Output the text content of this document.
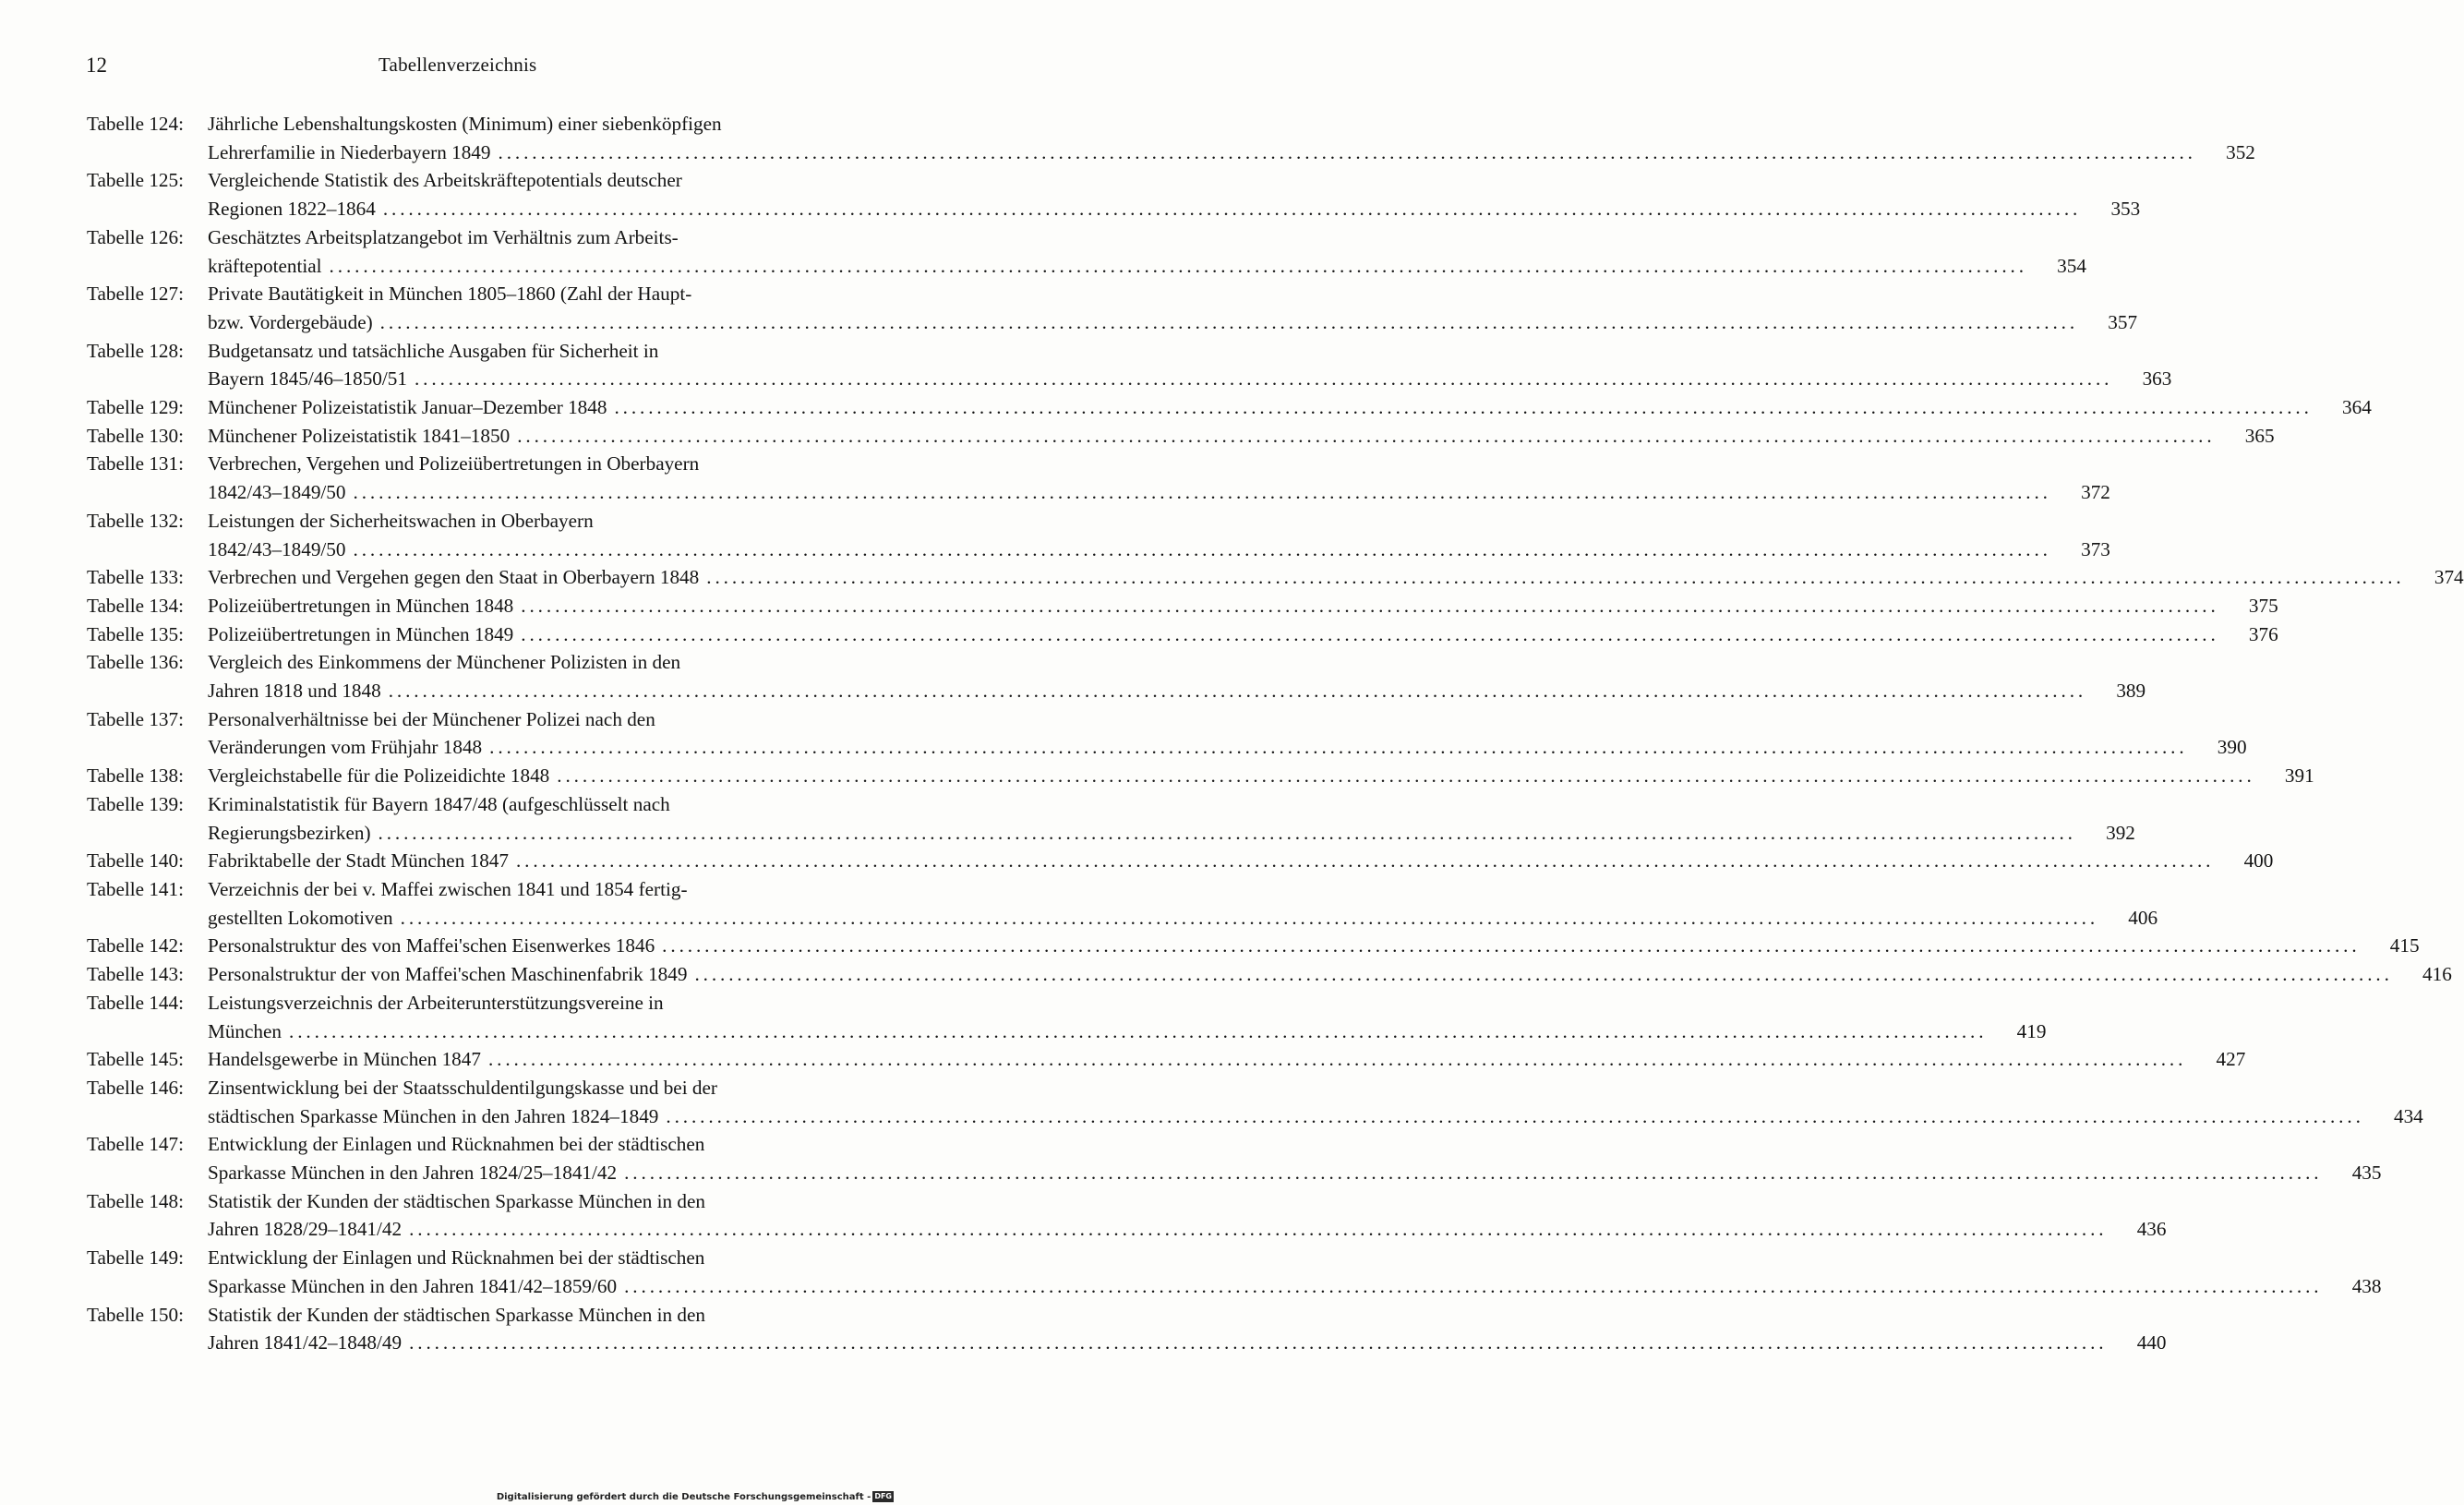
12	Tabellenverzeichnis
Tabelle 124:	Jährliche Lebenshaltungskosten (Minimum) einer siebenköpfigen
Lehrerfamilie in Niederbayern 1849 ........................................................................................................................................................................................................ 352
Tabelle 125:	Vergleichende Statistik des Arbeitskräftepotentials deutscher
Regionen 1822–1864 ........................................................................................................................................................................................................ 353
Tabelle 126:	Geschätztes Arbeitsplatzangebot im Verhältnis zum Arbeits-
kräftepotential ........................................................................................................................................................................................................ 354
Tabelle 127:	Private Bautätigkeit in München 1805–1860 (Zahl der Haupt-
bzw. Vordergebäude) ........................................................................................................................................................................................................ 357
Tabelle 128:	Budgetansatz und tatsächliche Ausgaben für Sicherheit in
Bayern 1845/46–1850/51 ........................................................................................................................................................................................................ 363
Tabelle 129:	Münchener Polizeistatistik Januar–Dezember 1848 ........................................................................................................................................................................................................ 364
Tabelle 130:	Münchener Polizeistatistik 1841–1850 ........................................................................................................................................................................................................ 365
Tabelle 131:	Verbrechen, Vergehen und Polizeiübertretungen in Oberbayern
1842/43–1849/50 ........................................................................................................................................................................................................ 372
Tabelle 132:	Leistungen der Sicherheitswachen in Oberbayern
1842/43–1849/50 ........................................................................................................................................................................................................ 373
Tabelle 133:	Verbrechen und Vergehen gegen den Staat in Oberbayern 1848 ........................................................................................................................................................................................................ 374
Tabelle 134:	Polizeiübertretungen in München 1848 ........................................................................................................................................................................................................ 375
Tabelle 135:	Polizeiübertretungen in München 1849 ........................................................................................................................................................................................................ 376
Tabelle 136:	Vergleich des Einkommens der Münchener Polizisten in den
Jahren 1818 und 1848 ........................................................................................................................................................................................................ 389
Tabelle 137:	Personalverhältnisse bei der Münchener Polizei nach den
Veränderungen vom Frühjahr 1848 ........................................................................................................................................................................................................ 390
Tabelle 138:	Vergleichstabelle für die Polizeidichte 1848 ........................................................................................................................................................................................................ 391
Tabelle 139:	Kriminalstatistik für Bayern 1847/48 (aufgeschlüsselt nach
Regierungsbezirken) ........................................................................................................................................................................................................ 392
Tabelle 140:	Fabriktabelle der Stadt München 1847 ........................................................................................................................................................................................................ 400
Tabelle 141:	Verzeichnis der bei v. Maffei zwischen 1841 und 1854 fertig-
gestellten Lokomotiven ........................................................................................................................................................................................................ 406
Tabelle 142:	Personalstruktur des von Maffei'schen Eisenwerkes 1846 ........................................................................................................................................................................................................ 415
Tabelle 143:	Personalstruktur der von Maffei'schen Maschinenfabrik 1849 ........................................................................................................................................................................................................ 416
Tabelle 144:	Leistungsverzeichnis der Arbeiterunterstützungsvereine in
München ........................................................................................................................................................................................................ 419
Tabelle 145:	Handelsgewerbe in München 1847 ........................................................................................................................................................................................................ 427
Tabelle 146:	Zinsentwicklung bei der Staatsschuldentilgungskasse und bei der
städtischen Sparkasse München in den Jahren 1824–1849 ........................................................................................................................................................................................................ 434
Tabelle 147:	Entwicklung der Einlagen und Rücknahmen bei der städtischen
Sparkasse München in den Jahren 1824/25–1841/42 ........................................................................................................................................................................................................ 435
Tabelle 148:	Statistik der Kunden der städtischen Sparkasse München in den
Jahren 1828/29–1841/42 ........................................................................................................................................................................................................ 436
Tabelle 149:	Entwicklung der Einlagen und Rücknahmen bei der städtischen
Sparkasse München in den Jahren 1841/42–1859/60 ........................................................................................................................................................................................................ 438
Tabelle 150:	Statistik der Kunden der städtischen Sparkasse München in den
Jahren 1841/42–1848/49 ........................................................................................................................................................................................................ 440
Digitalisierung gefördert durch die Deutsche Forschungsgemeinschaft - DFG
